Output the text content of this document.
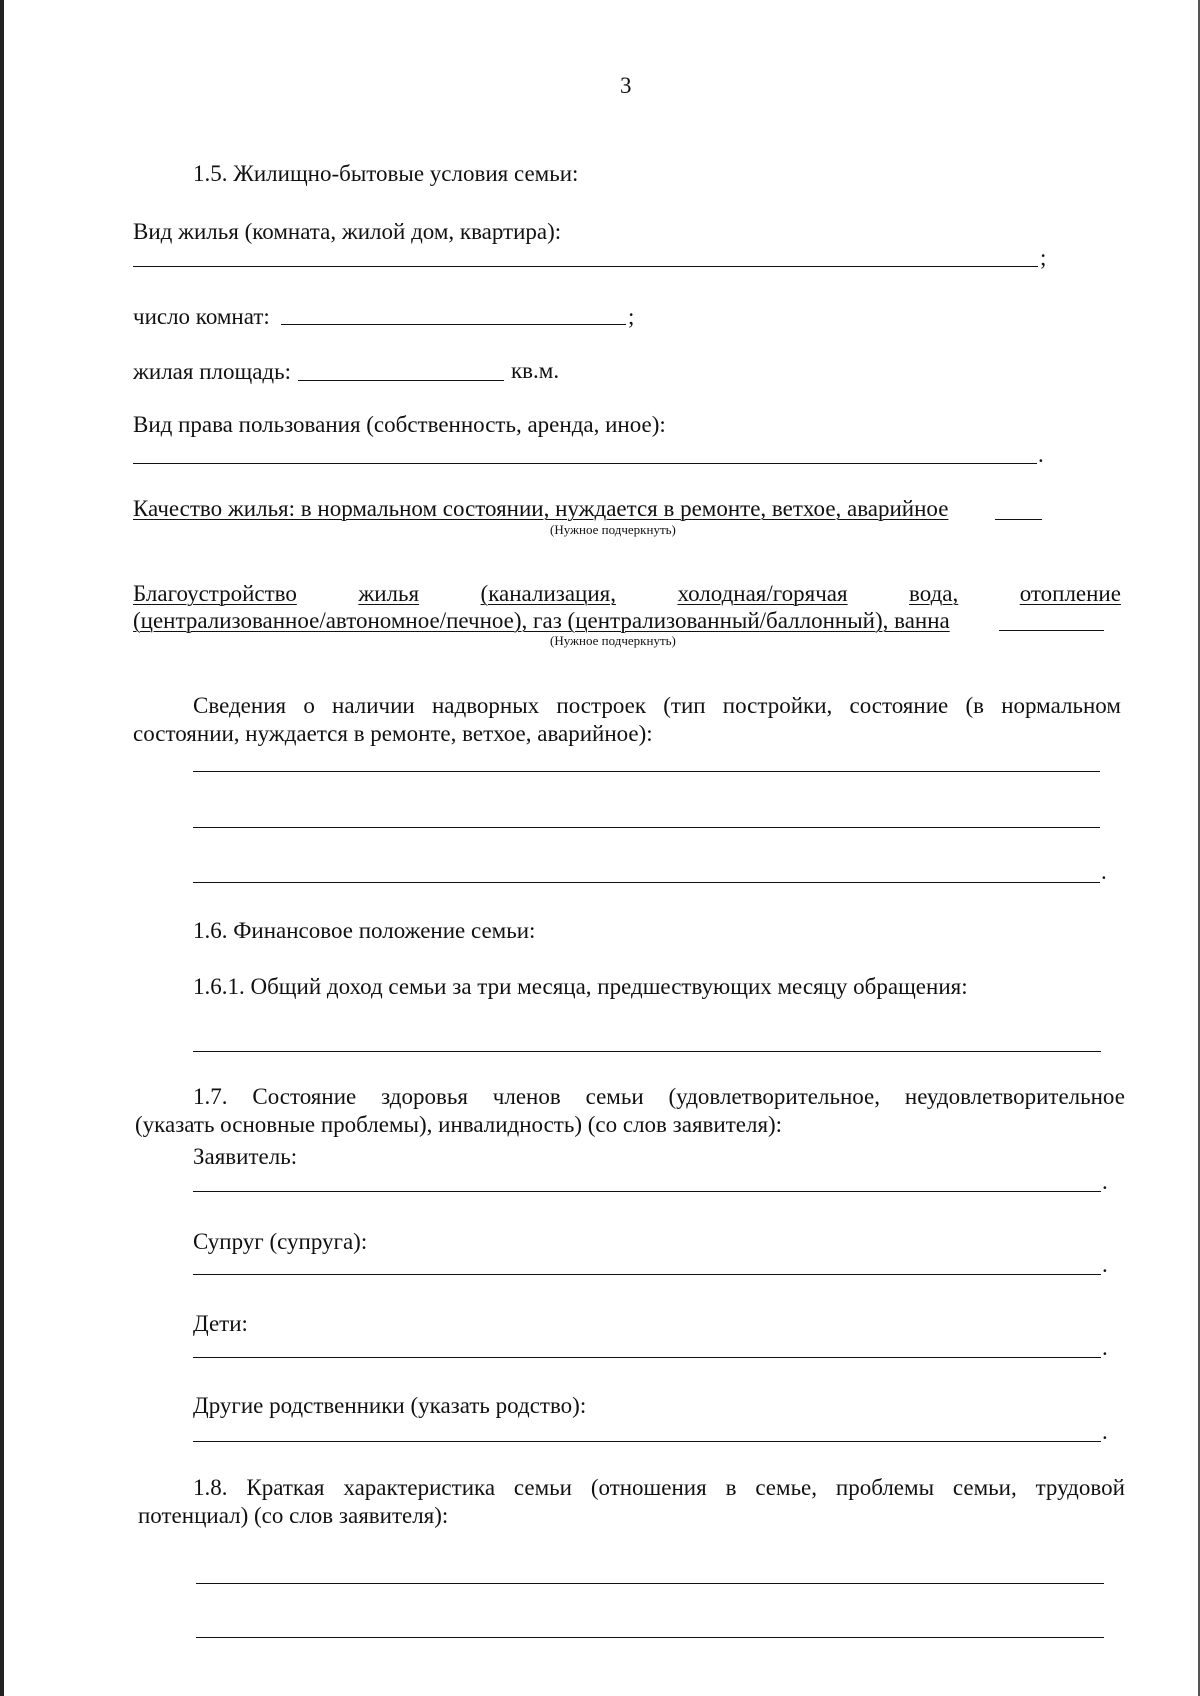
3
1.5. Жилищно-бытовые условия семьи:
Вид жилья (комната, жилой дом, квартира):
;
число комнат:	;
жилая площадь:	кв.м.
Вид права пользования (собственность, аренда, иное):
.
Качество жилья: в нормальном состоянии, нуждается в ремонте, ветхое, аварийное
(Нужное подчеркнуть)
Благоустройство	жилья	(канализация,	холодная/горячая	вода,	отопление
(централизованное/автономное/печное), газ (централизованный/баллонный), ванна
(Нужное подчеркнуть)
Сведения о наличии надворных построек (тип постройки, состояние (в нормальном
состоянии, нуждается в ремонте, ветхое, аварийное):
.
1.6. Финансовое положение семьи:
1.6.1. Общий доход семьи за три месяца, предшествующих месяцу обращения:
1.7. Состояние здоровья членов семьи (удовлетворительное, неудовлетворительное
(указать основные проблемы), инвалидность) (со слов заявителя):
Заявитель:
.
Супруг (супруга):
.
Дети:
.
Другие родственники (указать родство):
.
1.8. Краткая характеристика семьи (отношения в семье, проблемы семьи, трудовой
потенциал) (со слов заявителя):
